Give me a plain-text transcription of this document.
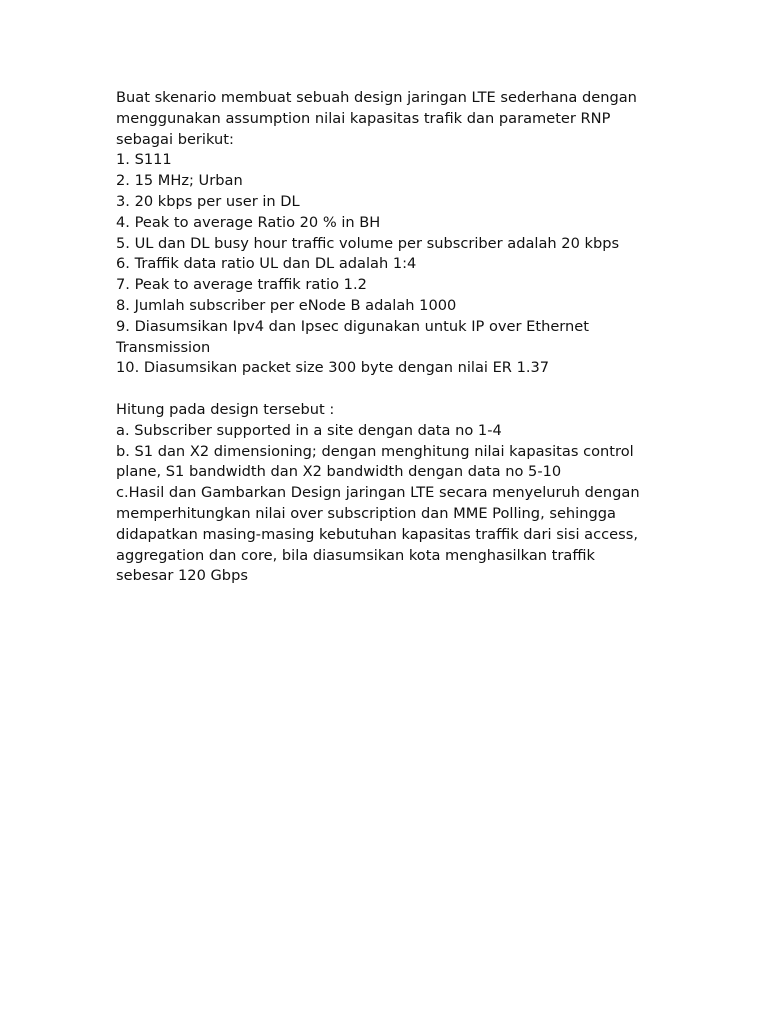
Buat skenario membuat sebuah design jaringan LTE sederhana dengan menggunakan assumption nilai kapasitas trafik dan parameter RNP sebagai berikut:

1. S111

2. 15 MHz; Urban

3. 20 kbps per user in DL

4. Peak to average Ratio 20 % in BH

5. UL dan DL busy hour traffic volume per subscriber adalah 20 kbps

6. Traffik data ratio UL dan DL adalah 1:4

7. Peak to average traffik ratio 1.2

8. Jumlah subscriber per eNode B adalah 1000

9. Diasumsikan Ipv4 dan Ipsec digunakan untuk IP over Ethernet Transmission

10. Diasumsikan packet size 300 byte dengan nilai ER 1.37

Hitung pada design tersebut :

a. Subscriber supported in a site dengan data no 1-4

b. S1 dan X2 dimensioning; dengan menghitung nilai kapasitas control plane, S1 bandwidth dan X2 bandwidth dengan data no 5-10

c.Hasil dan Gambarkan Design jaringan LTE secara menyeluruh dengan memperhitungkan nilai over subscription dan MME Polling, sehingga didapatkan masing-masing kebutuhan kapasitas traffik dari sisi access, aggregation dan core, bila diasumsikan kota menghasilkan traffik sebesar 120 Gbps
